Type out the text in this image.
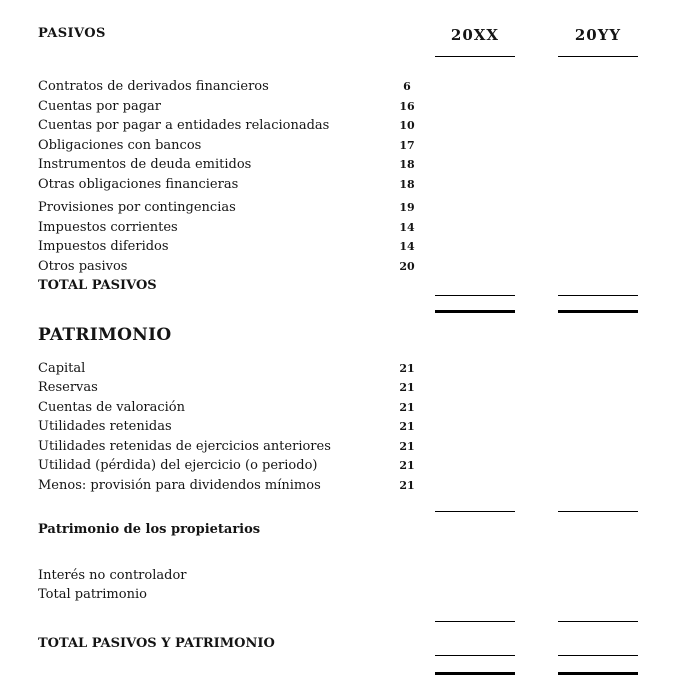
PASIVOS	20XX	20YY
Contratos de derivados financieros	6
Cuentas por pagar	16
Cuentas por pagar a entidades relacionadas	10
Obligaciones con bancos	17
Instrumentos de deuda emitidos	18
Otras obligaciones financieras	18
Provisiones por contingencias	19
Impuestos corrientes	14
Impuestos diferidos	14
Otros pasivos	20
TOTAL PASIVOS
PATRIMONIO
Capital	21
Reservas	21
Cuentas de valoración	21
Utilidades retenidas	21
Utilidades retenidas de ejercicios anteriores	21
Utilidad (pérdida) del ejercicio (o periodo)	21
Menos: provisión para dividendos mínimos	21
Patrimonio de los propietarios
Interés no controlador
Total patrimonio
TOTAL PASIVOS Y PATRIMONIO
